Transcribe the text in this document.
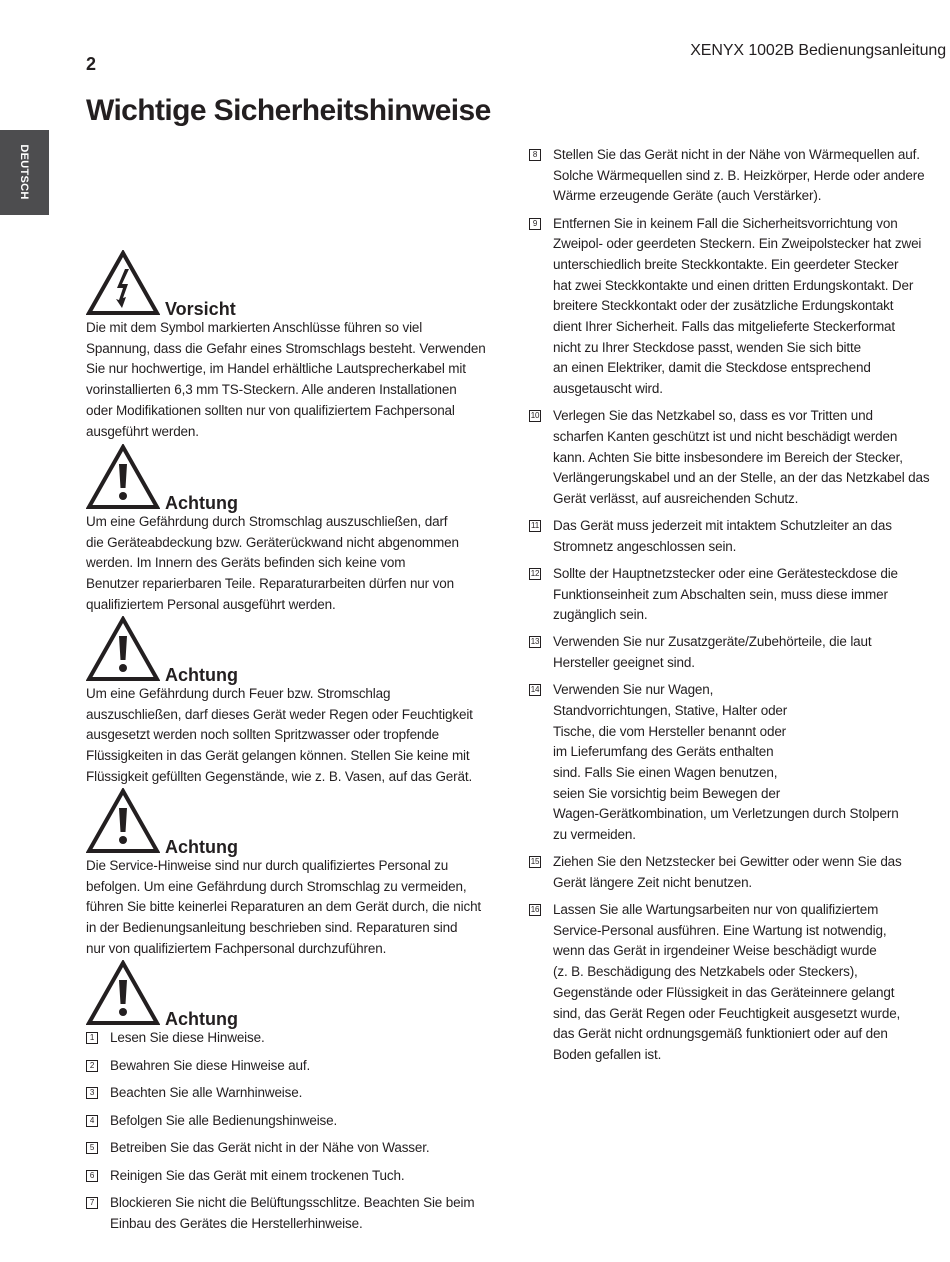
XENYX 1002B Bedienungsanleitung
2
Wichtige Sicherheitshinweise
DEUTSCH
Vorsicht
Die mit dem Symbol markierten Anschlüsse führen so viel
Spannung, dass die Gefahr eines Stromschlags besteht. Verwenden
Sie nur hochwertige, im Handel erhältliche Lautsprecherkabel mit
vorinstallierten 6,3 mm TS-Steckern. Alle anderen Installationen
oder Modifikationen sollten nur von qualifiziertem Fachpersonal
ausgeführt werden.
Achtung
Um eine Gefährdung durch Stromschlag auszuschließen, darf
die Geräteabdeckung bzw. Geräterückwand nicht abgenommen
werden. Im Innern des Geräts befinden sich keine vom
Benutzer reparierbaren Teile. Reparaturarbeiten dürfen nur von
qualifiziertem Personal ausgeführt werden.
Achtung
Um eine Gefährdung durch Feuer bzw. Stromschlag
auszuschließen, darf dieses Gerät weder Regen oder Feuchtigkeit
ausgesetzt werden noch sollten Spritzwasser oder tropfende
Flüssigkeiten in das Gerät gelangen können. Stellen Sie keine mit
Flüssigkeit gefüllten Gegenstände, wie z. B. Vasen, auf das Gerät.
Achtung
Die Service-Hinweise sind nur durch qualifiziertes Personal zu
befolgen. Um eine Gefährdung durch Stromschlag zu vermeiden,
führen Sie bitte keinerlei Reparaturen an dem Gerät durch, die nicht
in der Bedienungsanleitung beschrieben sind. Reparaturen sind
nur von qualifiziertem Fachpersonal durchzuführen.
Achtung
1 Lesen Sie diese Hinweise.
2 Bewahren Sie diese Hinweise auf.
3 Beachten Sie alle Warnhinweise.
4 Befolgen Sie alle Bedienungshinweise.
5 Betreiben Sie das Gerät nicht in der Nähe von Wasser.
6 Reinigen Sie das Gerät mit einem trockenen Tuch.
7 Blockieren Sie nicht die Belüftungsschlitze. Beachten Sie beim
Einbau des Gerätes die Herstellerhinweise.
8 Stellen Sie das Gerät nicht in der Nähe von Wärmequellen auf.
Solche Wärmequellen sind z. B. Heizkörper, Herde oder andere
Wärme erzeugende Geräte (auch Verstärker).
9 Entfernen Sie in keinem Fall die Sicherheitsvorrichtung von
Zweipol- oder geerdeten Steckern. Ein Zweipolstecker hat zwei
unterschiedlich breite Steckkontakte. Ein geerdeter Stecker
hat zwei Steckkontakte und einen dritten Erdungskontakt. Der
breitere Steckkontakt oder der zusätzliche Erdungskontakt
dient Ihrer Sicherheit. Falls das mitgelieferte Steckerformat
nicht zu Ihrer Steckdose passt, wenden Sie sich bitte
an einen Elektriker, damit die Steckdose entsprechend
ausgetauscht wird.
10 Verlegen Sie das Netzkabel so, dass es vor Tritten und
scharfen Kanten geschützt ist und nicht beschädigt werden
kann. Achten Sie bitte insbesondere im Bereich der Stecker,
Verlängerungskabel und an der Stelle, an der das Netzkabel das
Gerät verlässt, auf ausreichenden Schutz.
11 Das Gerät muss jederzeit mit intaktem Schutzleiter an das
Stromnetz angeschlossen sein.
12 Sollte der Hauptnetzstecker oder eine Gerätesteckdose die
Funktionseinheit zum Abschalten sein, muss diese immer
zugänglich sein.
13 Verwenden Sie nur Zusatzgeräte/Zubehörteile, die laut
Hersteller geeignet sind.
14 Verwenden Sie nur Wagen,
Standvorrichtungen, Stative, Halter oder
Tische, die vom Hersteller benannt oder
im Lieferumfang des Geräts enthalten
sind. Falls Sie einen Wagen benutzen,
seien Sie vorsichtig beim Bewegen der
Wagen-Gerätkombination, um Verletzungen durch Stolpern
zu vermeiden.
15 Ziehen Sie den Netzstecker bei Gewitter oder wenn Sie das
Gerät längere Zeit nicht benutzen.
16 Lassen Sie alle Wartungsarbeiten nur von qualifiziertem
Service-Personal ausführen. Eine Wartung ist notwendig,
wenn das Gerät in irgendeiner Weise beschädigt wurde
(z. B. Beschädigung des Netzkabels oder Steckers),
Gegenstände oder Flüssigkeit in das Geräteinnere gelangt
sind, das Gerät Regen oder Feuchtigkeit ausgesetzt wurde,
das Gerät nicht ordnungsgemäß funktioniert oder auf den
Boden gefallen ist.
